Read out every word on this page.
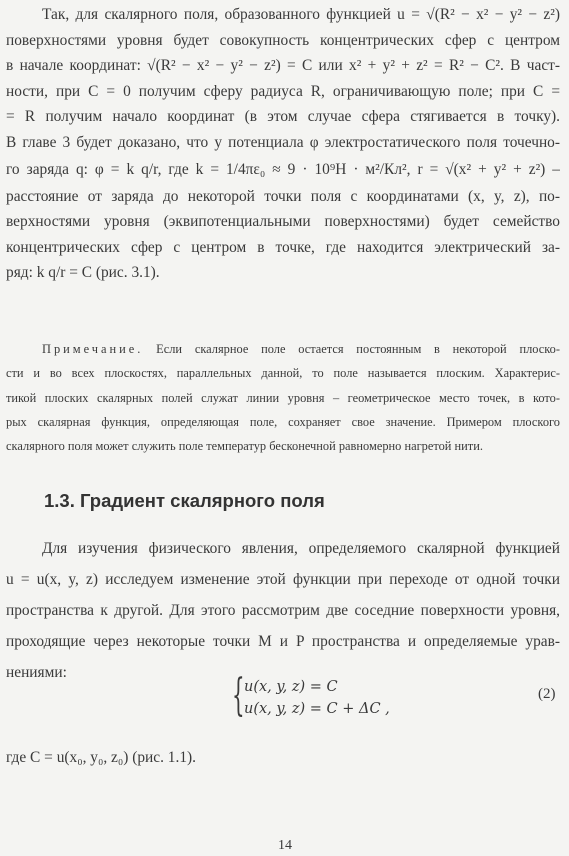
Так, для скалярного поля, образованного функцией u = √(R² − x² − y² − z²)
поверхностями уровня будет совокупность концентрических сфер с центром
в начале координат: √(R² − x² − y² − z²) = C или x² + y² + z² = R² − C². В част-
ности, при C = 0 получим сферу радиуса R, ограничивающую поле; при C =
= R получим начало координат (в этом случае сфера стягивается в точку).
В главе 3 будет доказано, что у потенциала φ электростатического поля точечно-
го заряда q: φ = k q/r, где k = 1/4πε₀ ≈ 9 · 10⁹H · м²/Кл², r = √(x² + y² + z²) –
расстояние от заряда до некоторой точки поля с координатами (x, y, z), по-
верхностями уровня (эквипотенциальными поверхностями) будет семейство
концентрических сфер с центром в точке, где находится электрический за-
ряд: k q/r = C (рис. 3.1).

Примечание. Если скалярное поле остается постоянным в некоторой плоско-
сти и во всех плоскостях, параллельных данной, то поле называется плоским. Характерис-
тикой плоских скалярных полей служат линии уровня – геометрическое место точек, в кото-
рых скалярная функция, определяющая поле, сохраняет свое значение. Примером плоского
скалярного поля может служить поле температур бесконечной равномерно нагретой нити.
1.3. Градиент скалярного поля

Для изучения физического явления, определяемого скалярной функцией
u = u(x, y, z) исследуем изменение этой функции при переходе от одной точки
пространства к другой. Для этого рассмотрим две соседние поверхности уровня,
проходящие через некоторые точки M и P пространства и определяемые урав-
нениями:	{ u(x, y, z) = C
u(x, y, z) = C + ΔC ,
(2)

где C = u(x₀, y₀, z₀) (рис. 1.1).

14
